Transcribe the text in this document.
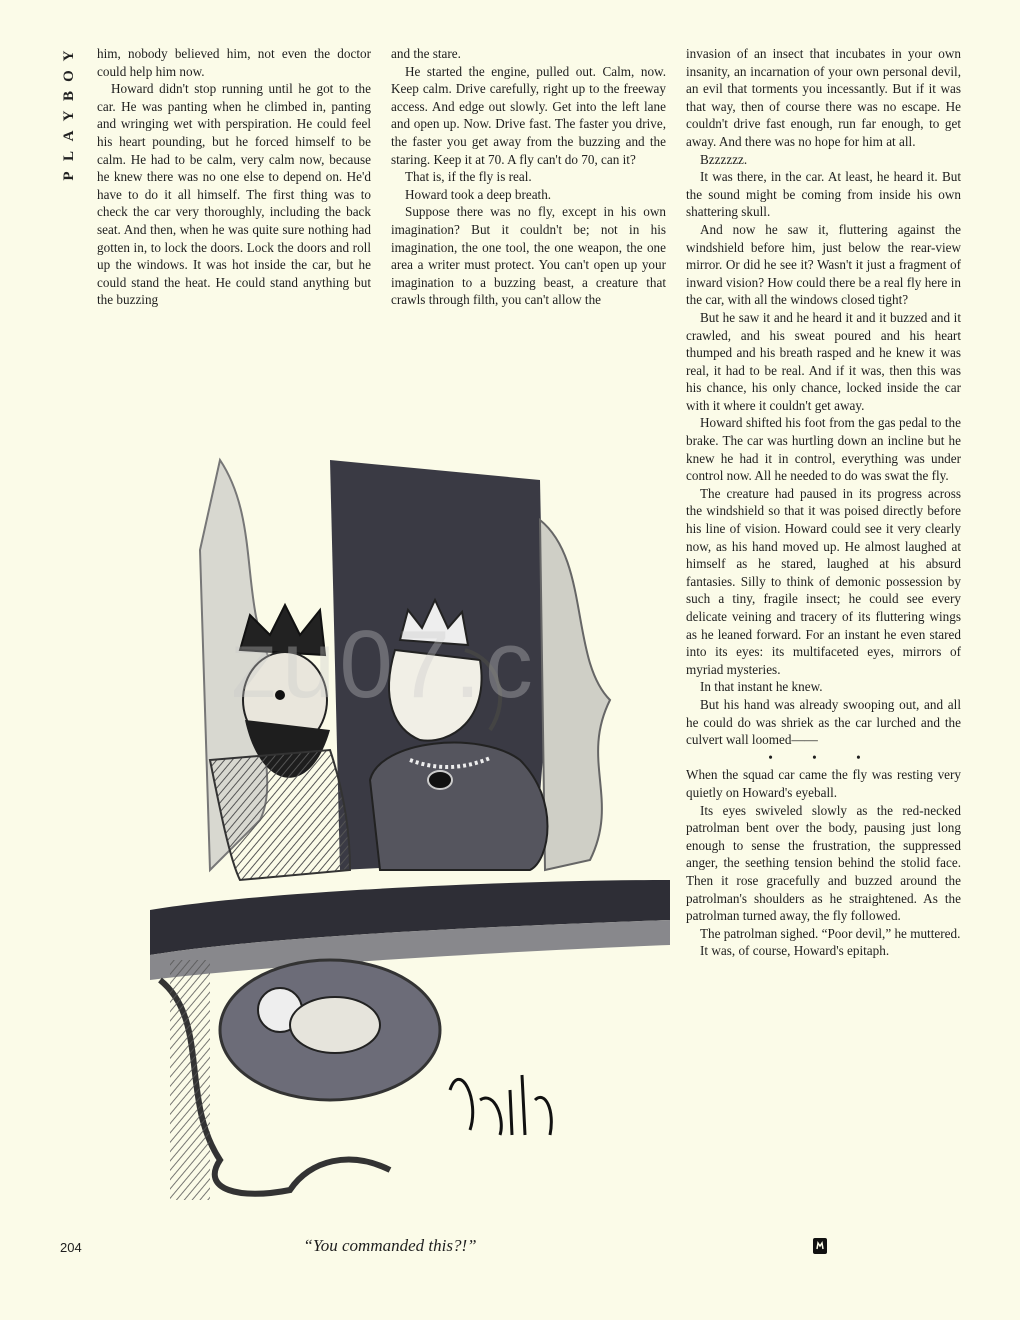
Y
O
B
Y
A
L
P

him, nobody believed him, not even the doctor could help him now.

Howard didn't stop running until he got to the car. He was panting when he climbed in, panting and wringing wet with perspiration. He could feel his heart pounding, but he forced himself to be calm. He had to be calm, very calm now, because he knew there was no one else to depend on. He'd have to do it all himself. The first thing was to check the car very thoroughly, including the back seat. And then, when he was quite sure nothing had gotten in, to lock the doors. Lock the doors and roll up the windows. It was hot inside the car, but he could stand the heat. He could stand anything but the buzzing

and the stare.

He started the engine, pulled out. Calm, now. Keep calm. Drive carefully, right up to the freeway access. And edge out slowly. Get into the left lane and open up. Now. Drive fast. The faster you drive, the faster you get away from the buzzing and the staring. Keep it at 70. A fly can't do 70, can it?

That is, if the fly is real.

Howard took a deep breath.

Suppose there was no fly, except in his own imagination? But it couldn't be; not in his imagination, the one tool, the one weapon, the one area a writer must protect. You can't open up your imagination to a buzzing beast, a creature that crawls through filth, you can't allow the

invasion of an insect that incubates in your own insanity, an incarnation of your own personal devil, an evil that torments you incessantly. But if it was that way, then of course there was no escape. He couldn't drive fast enough, run far enough, to get away. And there was no hope for him at all.

Bzzzzzz.

It was there, in the car. At least, he heard it. But the sound might be coming from inside his own shattering skull.

And now he saw it, fluttering against the windshield before him, just below the rear-view mirror. Or did he see it? Wasn't it just a fragment of inward vision? How could there be a real fly here in the car, with all the windows closed tight?

But he saw it and he heard it and it buzzed and it crawled, and his sweat poured and his heart thumped and his breath rasped and he knew it was real, it had to be real. And if it was, then this was his chance, his only chance, locked inside the car with it where it couldn't get away.

Howard shifted his foot from the gas pedal to the brake. The car was hurtling down an incline but he knew he had it in control, everything was under control now. All he needed to do was swat the fly.

The creature had paused in its progress across the windshield so that it was poised directly before his line of vision. Howard could see it very clearly now, as his hand moved up. He almost laughed at himself as he stared, laughed at his absurd fantasies. Silly to think of demonic possession by such a tiny, fragile insect; he could see every delicate veining and tracery of its fluttering wings as he leaned forward. For an instant he even stared into its eyes: its multifaceted eyes, mirrors of myriad mysteries.

In that instant he knew.

But his hand was already swooping out, and all he could do was shriek as the car lurched and the culvert wall loomed——

• • •

When the squad car came the fly was resting very quietly on Howard's eyeball.

Its eyes swiveled slowly as the red-necked patrolman bent over the body, pausing just long enough to sense the frustration, the suppressed anger, the seething tension behind the stolid face. Then it rose gracefully and buzzed around the patrolman's shoulders as he straightened. As the patrolman turned away, the fly followed.

The patrolman sighed. “Poor devil,” he muttered.

It was, of course, Howard's epitaph.

zu07.c
“You commanded this?!”
204
